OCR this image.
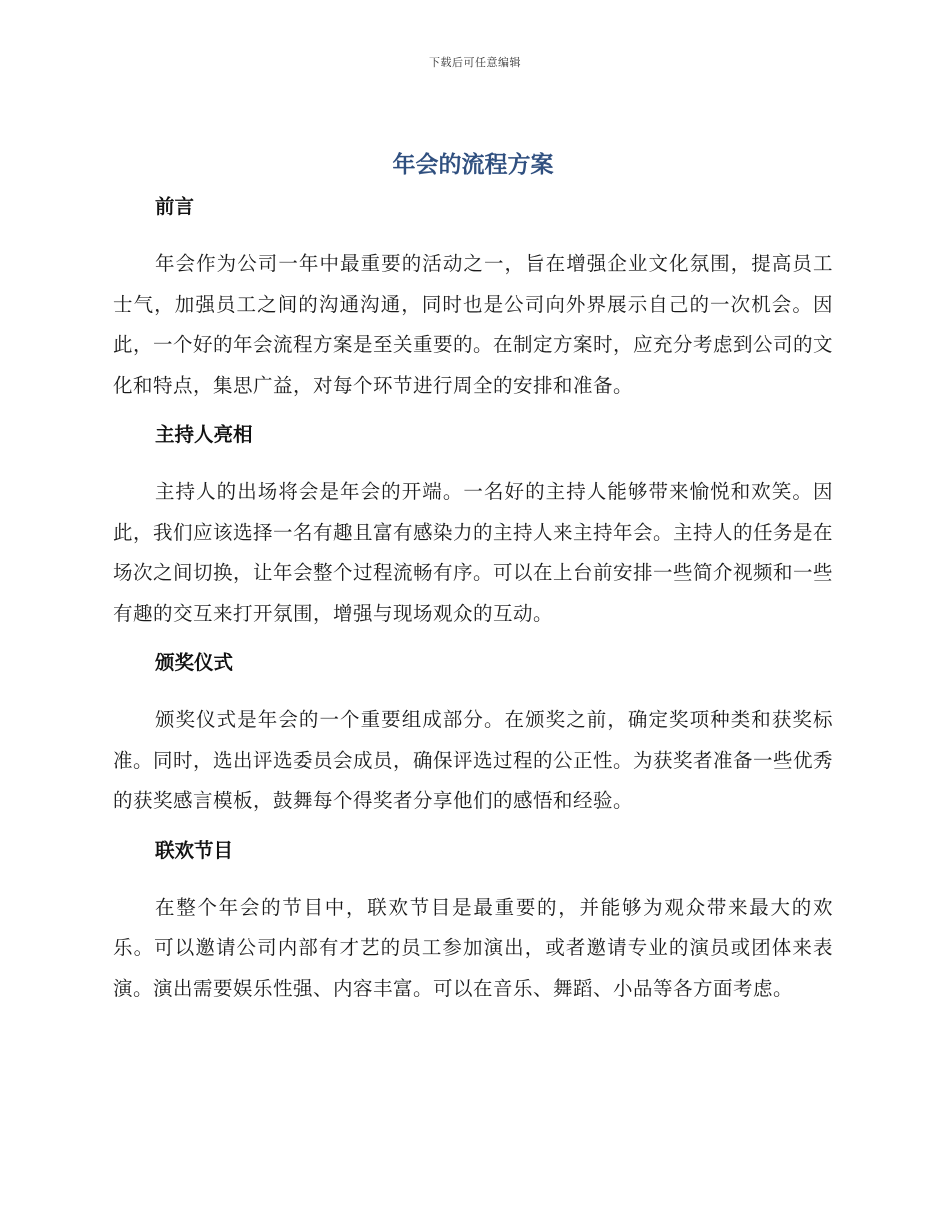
下载后可任意编辑
年会的流程方案
前言

年会作为公司一年中最重要的活动之一，旨在增强企业文化氛围，提高员工士气，加强员工之间的沟通沟通，同时也是公司向外界展示自己的一次机会。因此，一个好的年会流程方案是至关重要的。在制定方案时，应充分考虑到公司的文化和特点，集思广益，对每个环节进行周全的安排和准备。

主持人亮相

主持人的出场将会是年会的开端。一名好的主持人能够带来愉悦和欢笑。因此，我们应该选择一名有趣且富有感染力的主持人来主持年会。主持人的任务是在场次之间切换，让年会整个过程流畅有序。可以在上台前安排一些简介视频和一些有趣的交互来打开氛围，增强与现场观众的互动。

颁奖仪式

颁奖仪式是年会的一个重要组成部分。在颁奖之前，确定奖项种类和获奖标准。同时，选出评选委员会成员，确保评选过程的公正性。为获奖者准备一些优秀的获奖感言模板，鼓舞每个得奖者分享他们的感悟和经验。

联欢节目

在整个年会的节目中，联欢节目是最重要的，并能够为观众带来最大的欢乐。可以邀请公司内部有才艺的员工参加演出，或者邀请专业的演员或团体来表演。演出需要娱乐性强、内容丰富。可以在音乐、舞蹈、小品等各方面考虑。
